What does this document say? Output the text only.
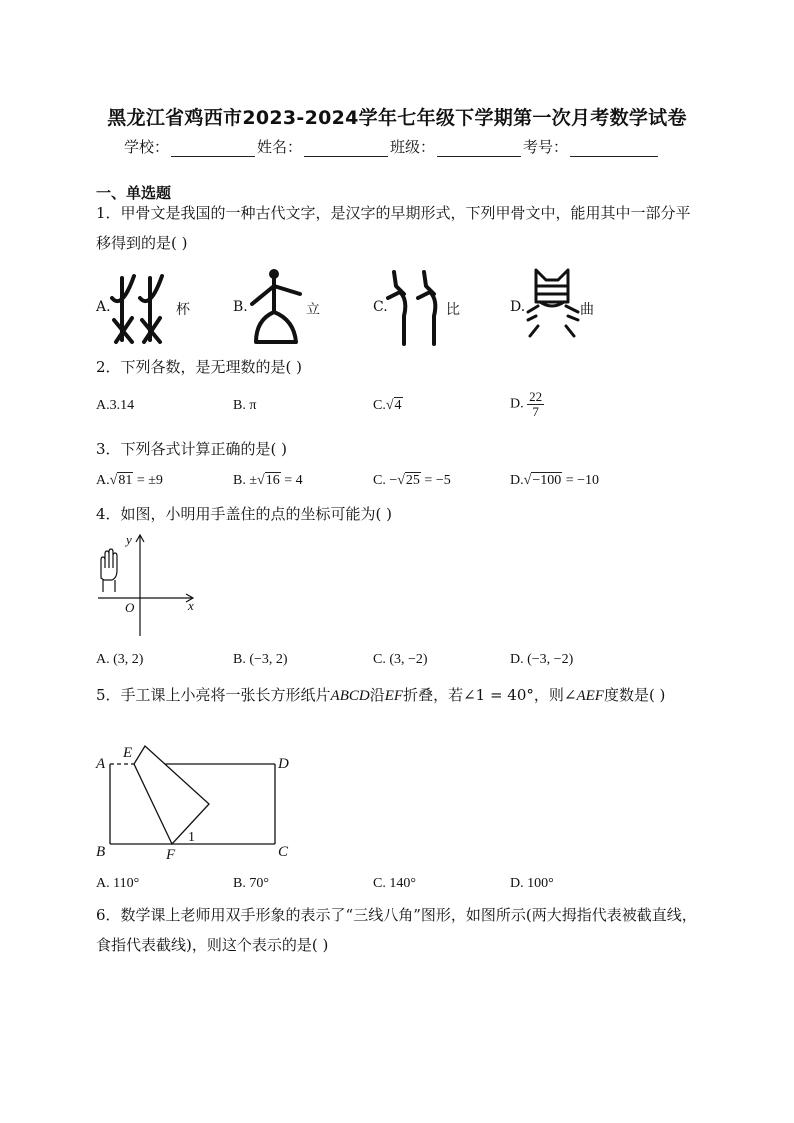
黑龙江省鸡西市2023-2024学年七年级下学期第一次月考数学试卷
学校：	姓名：	班级：	考号：
一、单选题
1．甲骨文是我国的一种古代文字，是汉字的早期形式，下列甲骨文中，能用其中一部分平移得到的是( )
A.	杯	B.	立	C.	比	D.	曲
2．下列各数，是无理数的是( )
A.3.14	B. π	C.√4	D. $\frac{22}{7}$
3．下列各式计算正确的是( )
A.√81 = ±9	B. ±√16 = 4	C. −√25 = −5	D.√−100 = −10
4．如图，小明用手盖住的点的坐标可能为( )
y
x
O
A. (3, 2)	B. (−3, 2)	C. (3, −2)	D. (−3, −2)
5．手工课上小亮将一张长方形纸片ABCD沿EF折叠，若∠1 = 40°，则∠AEF度数是( )
A
E
D
B	F	C
1
A. 110°	B. 70°	C. 140°	D. 100°
6．数学课上老师用双手形象的表示了“三线八角”图形，如图所示(两大拇指代表被截直线，食指代表截线)，则这个表示的是( )
